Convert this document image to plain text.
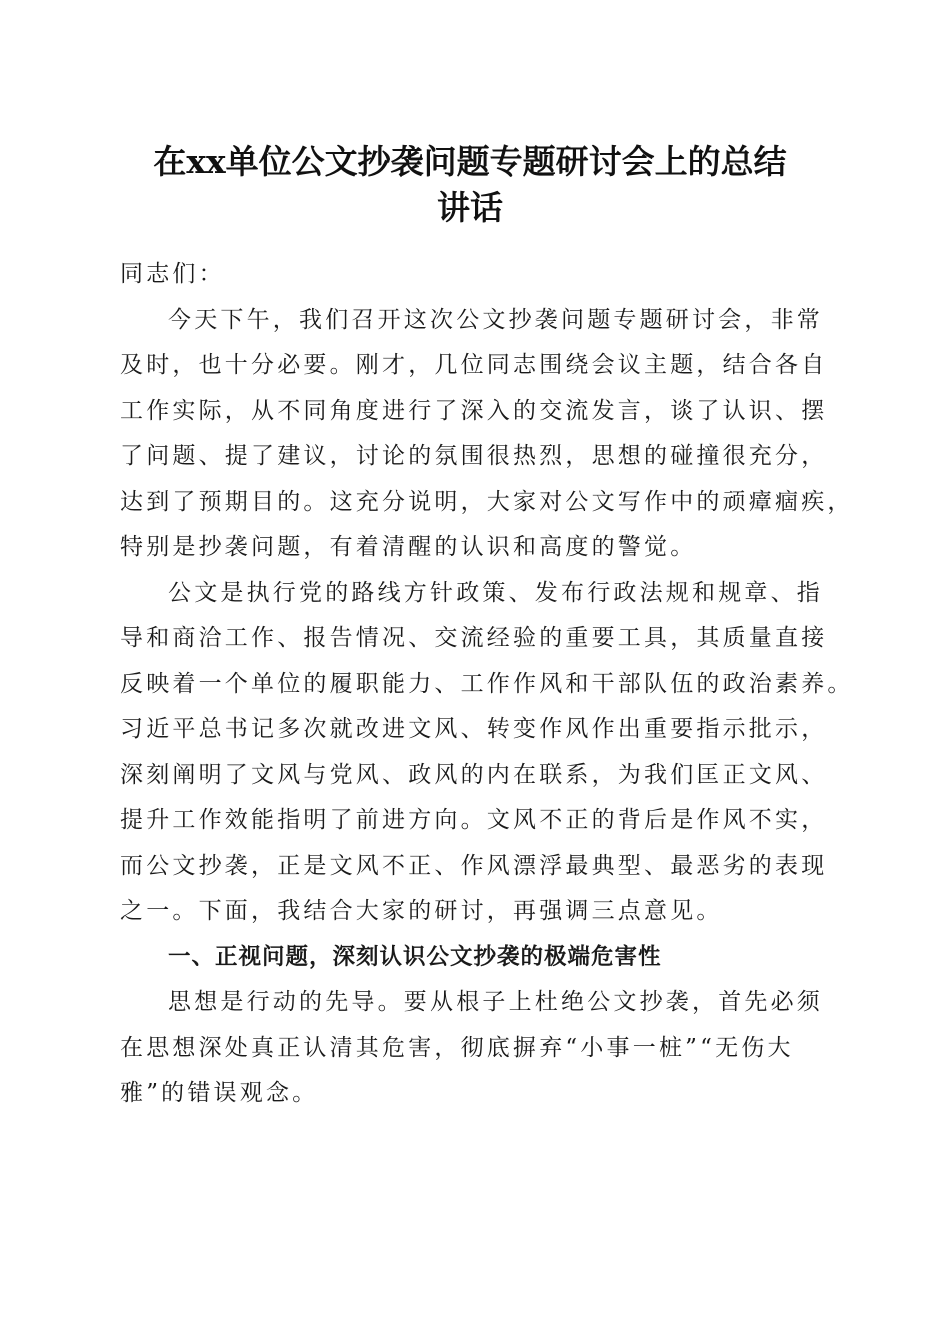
在xx单位公文抄袭问题专题研讨会上的总结
讲话
同志们：
今天下午，我们召开这次公文抄袭问题专题研讨会，非常
及时，也十分必要。刚才，几位同志围绕会议主题，结合各自
工作实际，从不同角度进行了深入的交流发言，谈了认识、摆
了问题、提了建议，讨论的氛围很热烈，思想的碰撞很充分，
达到了预期目的。这充分说明，大家对公文写作中的顽瘴痼疾，
特别是抄袭问题，有着清醒的认识和高度的警觉。
公文是执行党的路线方针政策、发布行政法规和规章、指
导和商洽工作、报告情况、交流经验的重要工具，其质量直接
反映着一个单位的履职能力、工作作风和干部队伍的政治素养。
习近平总书记多次就改进文风、转变作风作出重要指示批示，
深刻阐明了文风与党风、政风的内在联系，为我们匡正文风、
提升工作效能指明了前进方向。文风不正的背后是作风不实，
而公文抄袭，正是文风不正、作风漂浮最典型、最恶劣的表现
之一。下面，我结合大家的研讨，再强调三点意见。
一、正视问题，深刻认识公文抄袭的极端危害性
思想是行动的先导。要从根子上杜绝公文抄袭，首先必须
在思想深处真正认清其危害，彻底摒弃“小事一桩”“无伤大
雅”的错误观念。
